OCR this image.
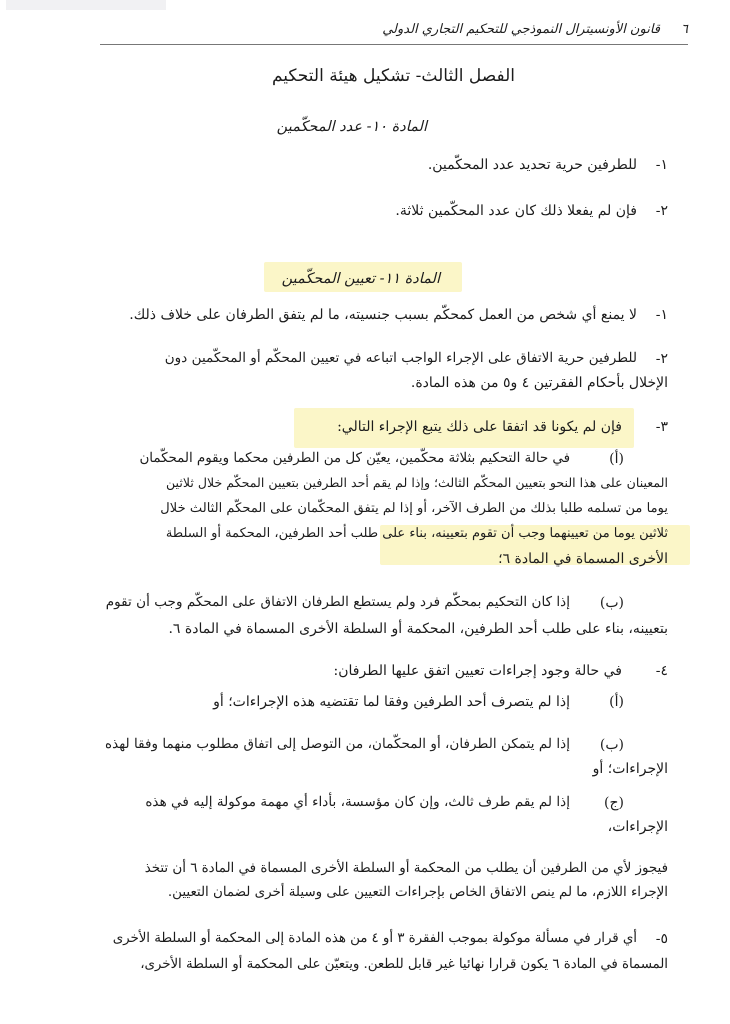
٦
قانون الأونسيترال النموذجي للتحكيم التجاري الدولي
الفصل الثالث- تشكيل هيئة التحكيم
المادة ١٠- عدد المحكّمين
١-
للطرفين حرية تحديد عدد المحكّمين.
٢-
فإن لم يفعلا ذلك كان عدد المحكّمين ثلاثة.
المادة ١١- تعيين المحكّمين
١-
لا يمنع أي شخص من العمل كمحكّم بسبب جنسيته، ما لم يتفق الطرفان على خلاف ذلك.
٢-
للطرفين حرية الاتفاق على الإجراء الواجب اتباعه في تعيين المحكّم أو المحكّمين دون
الإخلال بأحكام الفقرتين ٤ و٥ من هذه المادة.
٣-
فإن لم يكونا قد اتفقا على ذلك يتبع الإجراء التالي:
(أ)
في حالة التحكيم بثلاثة محكّمين، يعيّن كل من الطرفين محكما ويقوم المحكّمان
المعينان على هذا النحو بتعيين المحكّم الثالث؛ وإذا لم يقم أحد الطرفين بتعيين المحكّم خلال ثلاثين
يوما من تسلمه طلبا بذلك من الطرف الآخر، أو إذا لم يتفق المحكّمان على المحكّم الثالث خلال
ثلاثين يوما من تعيينهما وجب أن تقوم بتعيينه، بناء على طلب أحد الطرفين، المحكمة أو السلطة
الأخرى المسماة في المادة ٦؛
(ب)
إذا كان التحكيم بمحكّم فرد ولم يستطع الطرفان الاتفاق على المحكّم وجب أن تقوم
بتعيينه، بناء على طلب أحد الطرفين، المحكمة أو السلطة الأخرى المسماة في المادة ٦.
٤-
في حالة وجود إجراءات تعيين اتفق عليها الطرفان:
(أ)
إذا لم يتصرف أحد الطرفين وفقا لما تقتضيه هذه الإجراءات؛ أو
(ب)
إذا لم يتمكن الطرفان، أو المحكّمان، من التوصل إلى اتفاق مطلوب منهما وفقا لهذه
الإجراءات؛ أو
(ج)
إذا لم يقم طرف ثالث، وإن كان مؤسسة، بأداء أي مهمة موكولة إليه في هذه
الإجراءات،
فيجوز لأي من الطرفين أن يطلب من المحكمة أو السلطة الأخرى المسماة في المادة ٦ أن تتخذ
الإجراء اللازم، ما لم ينص الاتفاق الخاص بإجراءات التعيين على وسيلة أخرى لضمان التعيين.
٥-
أي قرار في مسألة موكولة بموجب الفقرة ٣ أو ٤ من هذه المادة إلى المحكمة أو السلطة الأخرى
المسماة في المادة ٦ يكون قرارا نهائيا غير قابل للطعن. ويتعيّن على المحكمة أو السلطة الأخرى،
